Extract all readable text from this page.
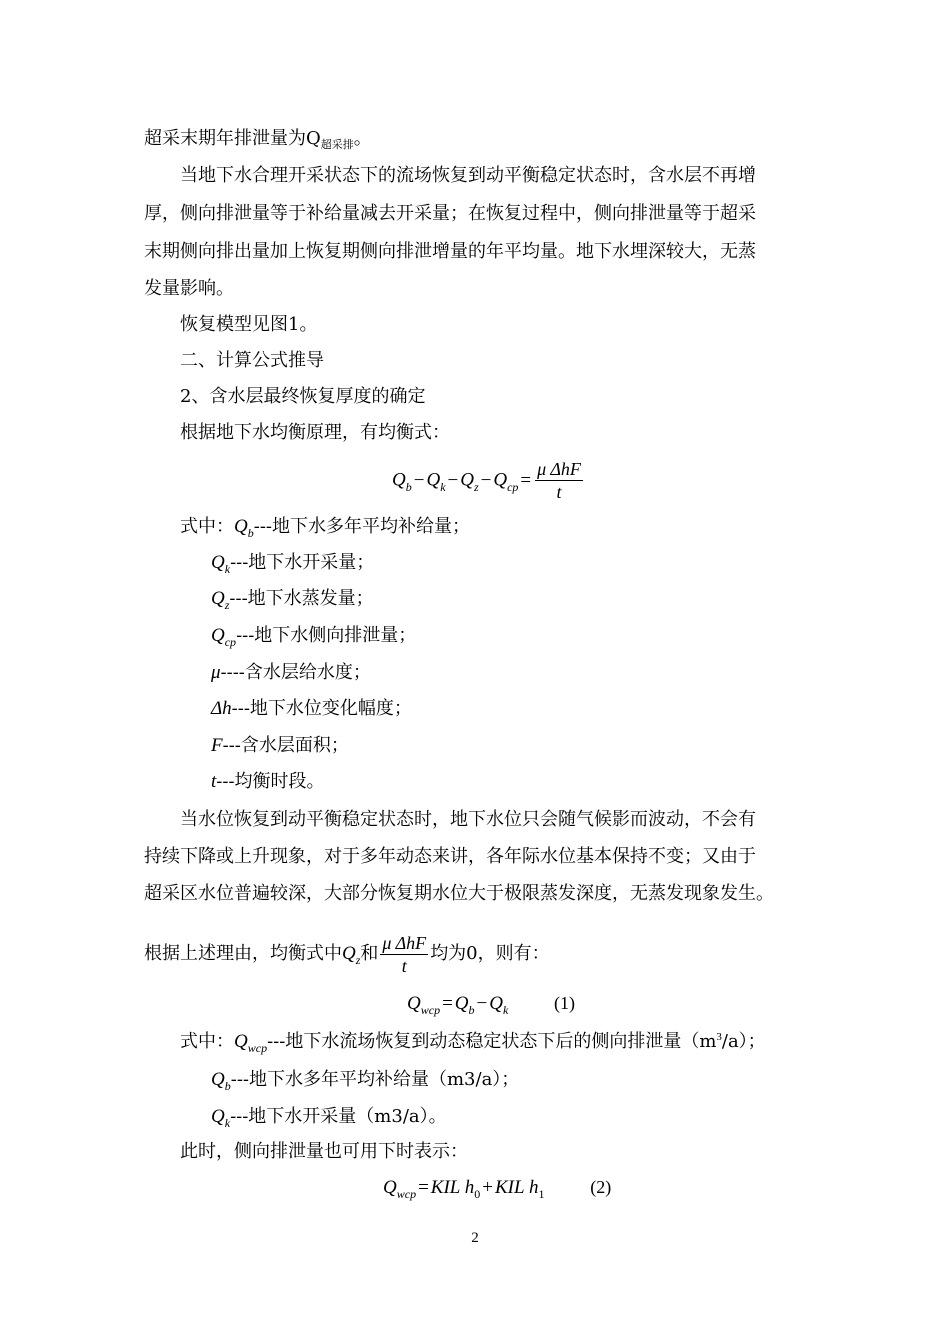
超采末期年排泄量为$Q_{超采排}$。
当地下水合理开采状态下的流场恢复到动平衡稳定状态时，含水层不再增
厚，侧向排泄量等于补给量减去开采量；在恢复过程中，侧向排泄量等于超采
末期侧向排出量加上恢复期侧向排泄增量的年平均量。地下水埋深较大，无蒸
发量影响。
恢复模型见图1。
二、计算公式推导
2、含水层最终恢复厚度的确定
根据地下水均衡原理，有均衡式：
$Q_b - Q_k - Q_z - Q_{cp} = \frac{\text{μ ΔhF}}{t}$
式中：$Q_b---$地下水多年平均补给量；
$Q_k---$地下水开采量；
$Q_z---$地下水蒸发量；
$Q_{cp}---$地下水侧向排泄量；
μ----含水层给水度；
Δh---地下水位变化幅度；
F---含水层面积；
t---均衡时段。
当水位恢复到动平衡稳定状态时，地下水位只会随气候影而波动，不会有
持续下降或上升现象，对于多年动态来讲，各年际水位基本保持不变；又由于
超采区水位普遍较深，大部分恢复期水位大于极限蒸发深度，无蒸发现象发生。
根据上述理由，均衡式中$Q_z$和 $\frac{\text{μ ΔhF}}{t}$ 均为0，则有：
$Q_{wcp} = Q_b - Q_k$	(1)
式中：$Q_{wcp}---$地下水流场恢复到动态稳定状态下后的侧向排泄量$(m^3/a)$；
$Q_b---$地下水多年平均补给量（m3/a）；
$Q_k---$地下水开采量（m3/a）。
此时，侧向排泄量也可用下时表示：
$Q_{wcp}$ = KIL $h_0$ + KIL $h_1$	(2)
2
